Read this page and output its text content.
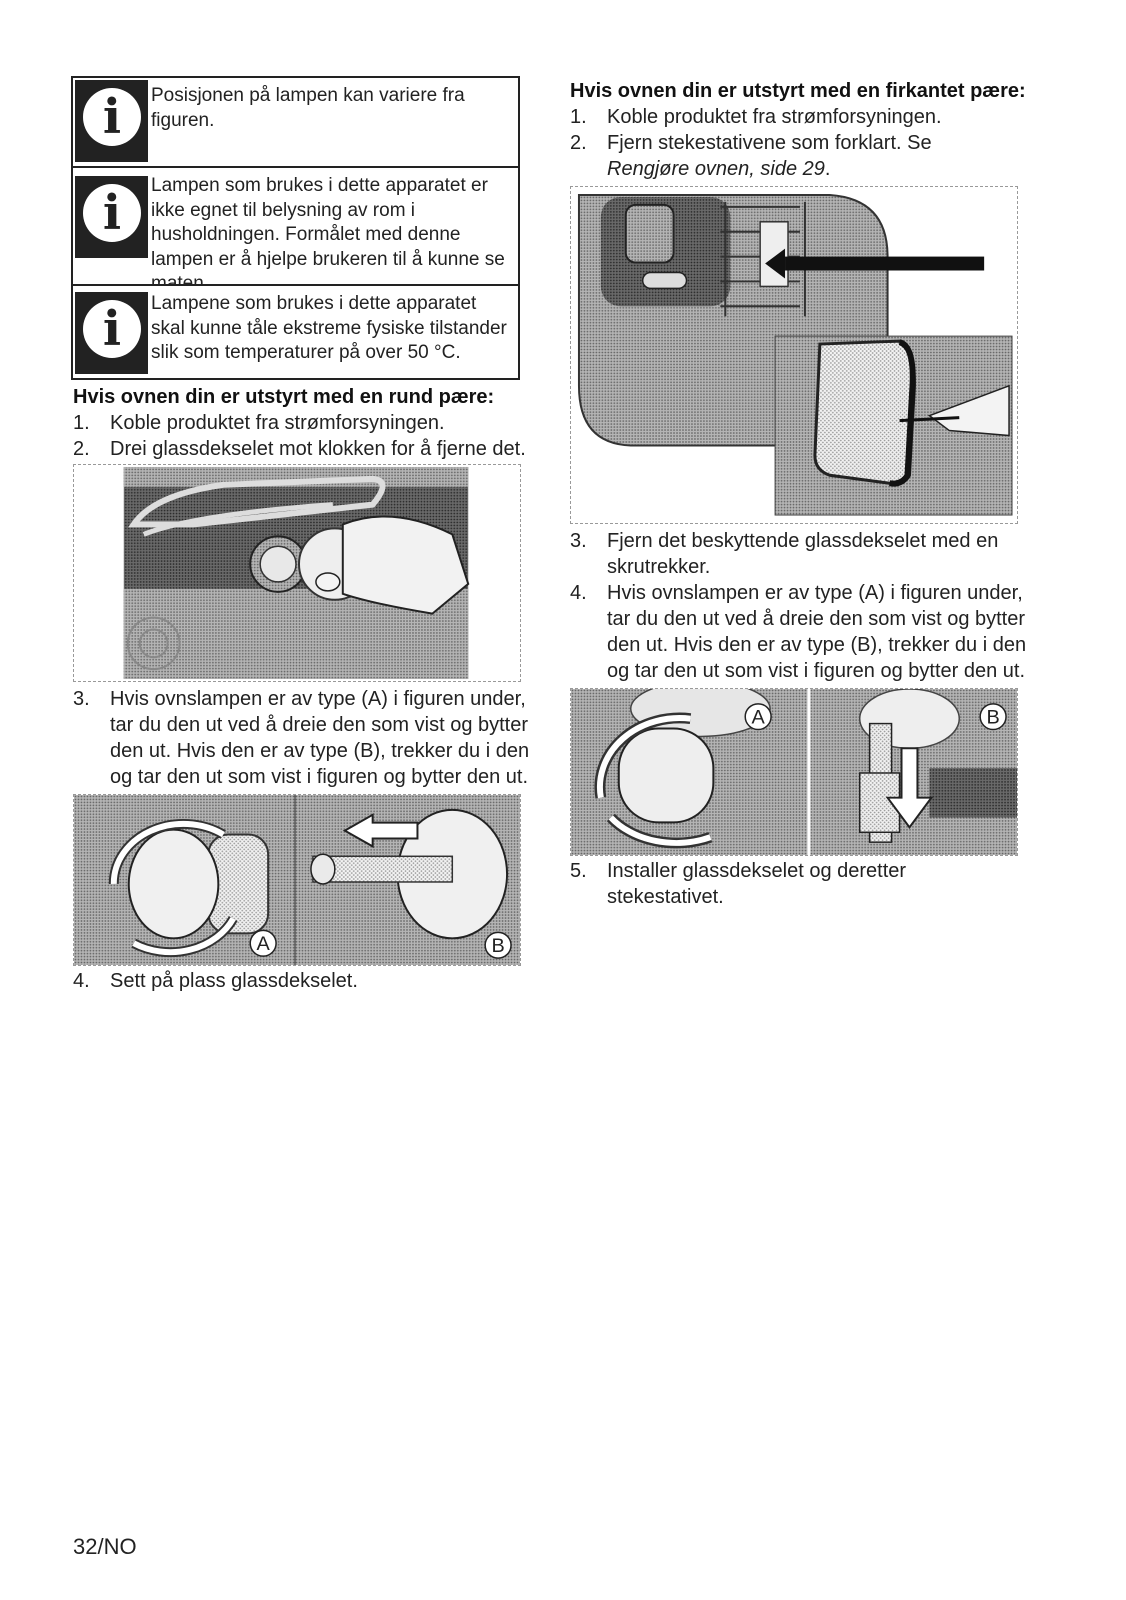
i	Posisjonen på lampen kan variere fra figuren.
i	Lampen som brukes i dette apparatet er ikke egnet til belysning av rom i husholdningen. Formålet med denne lampen er å hjelpe brukeren til å kunne se
i	Lampene som brukes i dette apparatet skal kunne tåle ekstreme fysiske tilstander slik som temperaturer på over 50 °C.
Hvis ovnen din er utstyrt med en rund pære:
1. Koble produktet fra strømforsyningen.
2. Drei glassdekselet mot klokken for å fjerne det.
3. Hvis ovnslampen er av type (A) i figuren under, tar du den ut ved å dreie den som vist og bytter den ut. Hvis den er av type (B), trekker du i den og tar den ut som vist i figuren og bytter den ut.
A	B
4. Sett på plass glassdekselet.
Hvis ovnen din er utstyrt med en firkantet pære:
1. Koble produktet fra strømforsyningen.
2. Fjern stekestativene som forklart. Se Rengjøre ovnen, side 29.
3. Fjern det beskyttende glassdekselet med en skrutrekker.
4. Hvis ovnslampen er av type (A) i figuren under, tar du den ut ved å dreie den som vist og bytter den ut. Hvis den er av type (B), trekker du i den og tar den ut som vist i figuren og bytter den ut.
A	B
5. Installer glassdekselet og deretter stekestativet.
32/NO
